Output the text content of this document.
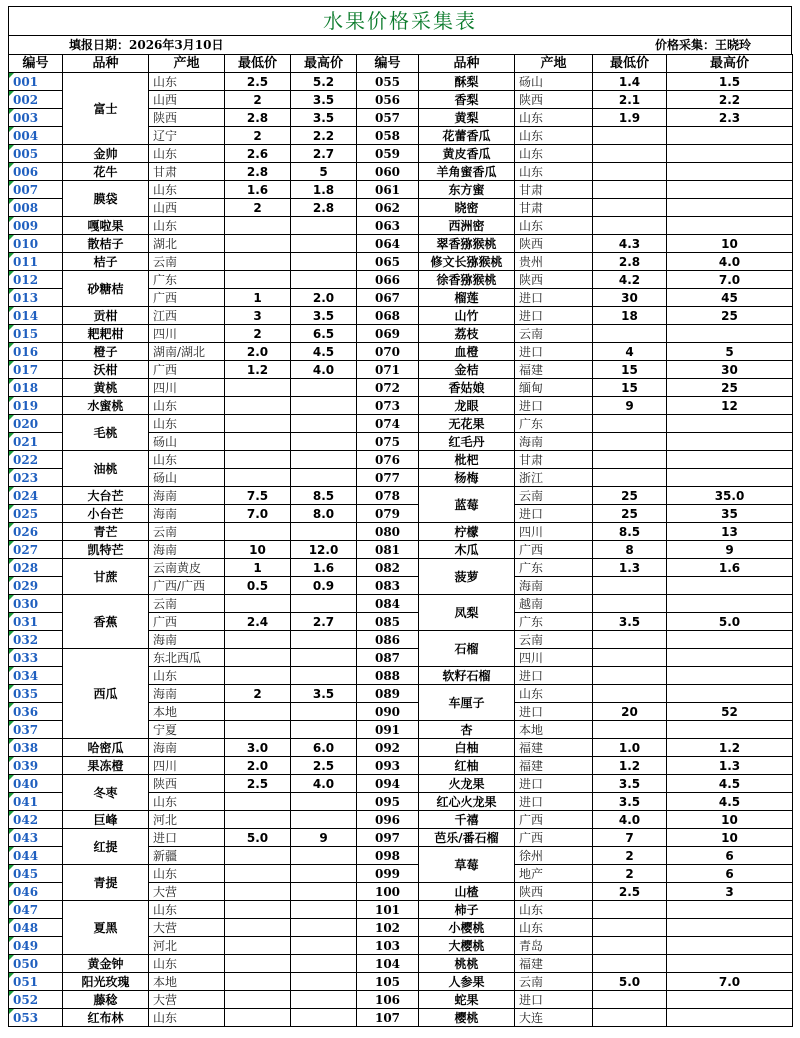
水果价格采集表
填报日期：2026年3月10日	价格采集：王晓玲
编号	品种	产地	最低价	最高价	编号	品种	产地	最低价	最高价
001	富士	山东	2.5	5.2	055	酥梨	砀山	1.4	1.5
002		山西	2	3.5	056	香梨	陕西	2.1	2.2
003		陕西	2.8	3.5	057	黄梨	山东	1.9	2.3
004		辽宁	2	2.2	058	花蕾香瓜	山东		
005	金帅	山东	2.6	2.7	059	黄皮香瓜	山东		
006	花牛	甘肃	2.8	5	060	羊角蜜香瓜	山东		
007	膜袋	山东	1.6	1.8	061	东方蜜	甘肃		
008		山西	2	2.8	062	晓密	甘肃		
009	嘎啦果	山东			063	西洲密	山东		
010	散桔子	湖北			064	翠香猕猴桃	陕西	4.3	10
011	桔子	云南			065	修文长猕猴桃	贵州	2.8	4.0
012	砂糖桔	广东			066	徐香猕猴桃	陕西	4.2	7.0
013		广西	1	2.0	067	榴莲	进口	30	45
014	贡柑	江西	3	3.5	068	山竹	进口	18	25
015	耙耙柑	四川	2	6.5	069	荔枝	云南		
016	橙子	湖南/湖北	2.0	4.5	070	血橙	进口	4	5
017	沃柑	广西	1.2	4.0	071	金桔	福建	15	30
018	黄桃	四川			072	香姑娘	缅甸	15	25
019	水蜜桃	山东			073	龙眼	进口	9	12
020	毛桃	山东			074	无花果	广东		
021		砀山			075	红毛丹	海南		
022	油桃	山东			076	枇杷	甘肃		
023		砀山			077	杨梅	浙江		
024	大台芒	海南	7.5	8.5	078	蓝莓	云南	25	35.0
025	小台芒	海南	7.0	8.0	079		进口	25	35
026	青芒	云南			080	柠檬	四川	8.5	13
027	凯特芒	海南	10	12.0	081	木瓜	广西	8	9
028	甘蔗	云南黄皮	1	1.6	082	菠萝	广东	1.3	1.6
029		广西/广西	0.5	0.9	083		海南		
030	香蕉	云南			084	凤梨	越南		
031		广西	2.4	2.7	085		广东	3.5	5.0
032		海南			086	石榴	云南		
033	西瓜	东北西瓜			087		四川		
034		山东			088	软籽石榴	进口		
035		海南	2	3.5	089	车厘子	山东		
036		本地			090		进口	20	52
037		宁夏			091	杏	本地		
038	哈密瓜	海南	3.0	6.0	092	白柚	福建	1.0	1.2
039	果冻橙	四川	2.0	2.5	093	红柚	福建	1.2	1.3
040	冬枣	陕西	2.5	4.0	094	火龙果	进口	3.5	4.5
041		山东			095	红心火龙果	进口	3.5	4.5
042	巨峰	河北			096	千禧	广西	4.0	10
043	红提	进口	5.0	9	097	芭乐/番石榴	广西	7	10
044		新疆			098	草莓	徐州	2	6
045	青提	山东			099		地产	2	6
046		大营			100	山楂	陕西	2.5	3
047	夏黑	山东			101	柿子	山东		
048		大营			102	小樱桃	山东		
049		河北			103	大樱桃	青岛		
050	黄金钟	山东			104	桃桃	福建		
051	阳光玫瑰	本地			105	人参果	云南	5.0	7.0
052	藤稔	大营			106	蛇果	进口		
053	红布林	山东			107	樱桃	大连		
